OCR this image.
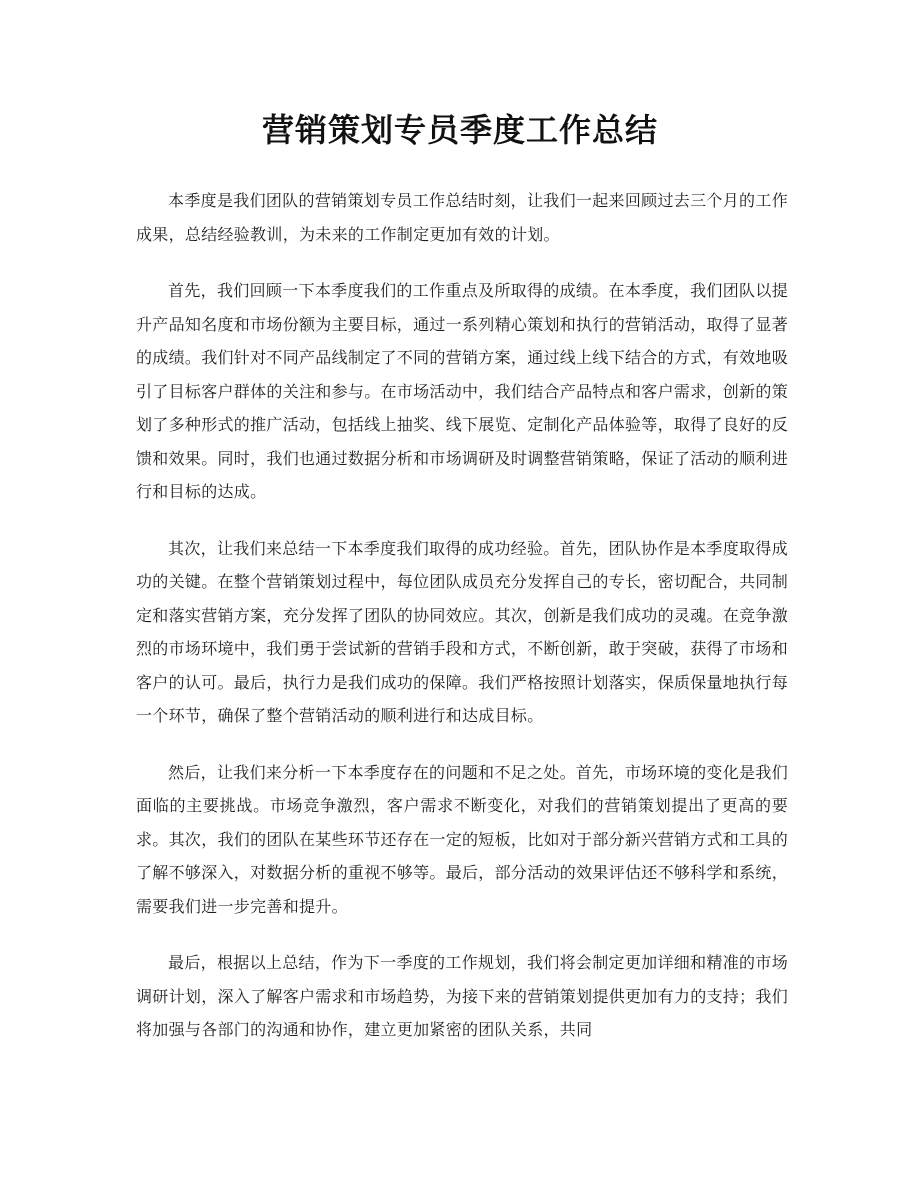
营销策划专员季度工作总结

本季度是我们团队的营销策划专员工作总结时刻，让我们一起来回顾过去三个月的工作成果，总结经验教训，为未来的工作制定更加有效的计划。

首先，我们回顾一下本季度我们的工作重点及所取得的成绩。在本季度，我们团队以提升产品知名度和市场份额为主要目标，通过一系列精心策划和执行的营销活动，取得了显著的成绩。我们针对不同产品线制定了不同的营销方案，通过线上线下结合的方式，有效地吸引了目标客户群体的关注和参与。在市场活动中，我们结合产品特点和客户需求，创新的策划了多种形式的推广活动，包括线上抽奖、线下展览、定制化产品体验等，取得了良好的反馈和效果。同时，我们也通过数据分析和市场调研及时调整营销策略，保证了活动的顺利进行和目标的达成。

其次，让我们来总结一下本季度我们取得的成功经验。首先，团队协作是本季度取得成功的关键。在整个营销策划过程中，每位团队成员充分发挥自己的专长，密切配合，共同制定和落实营销方案，充分发挥了团队的协同效应。其次，创新是我们成功的灵魂。在竞争激烈的市场环境中，我们勇于尝试新的营销手段和方式，不断创新，敢于突破，获得了市场和客户的认可。最后，执行力是我们成功的保障。我们严格按照计划落实，保质保量地执行每一个环节，确保了整个营销活动的顺利进行和达成目标。

然后，让我们来分析一下本季度存在的问题和不足之处。首先，市场环境的变化是我们面临的主要挑战。市场竞争激烈，客户需求不断变化，对我们的营销策划提出了更高的要求。其次，我们的团队在某些环节还存在一定的短板，比如对于部分新兴营销方式和工具的了解不够深入，对数据分析的重视不够等。最后，部分活动的效果评估还不够科学和系统，需要我们进一步完善和提升。

最后，根据以上总结，作为下一季度的工作规划，我们将会制定更加详细和精准的市场调研计划，深入了解客户需求和市场趋势，为接下来的营销策划提供更加有力的支持；我们将加强与各部门的沟通和协作，建立更加紧密的团队关系，共同
